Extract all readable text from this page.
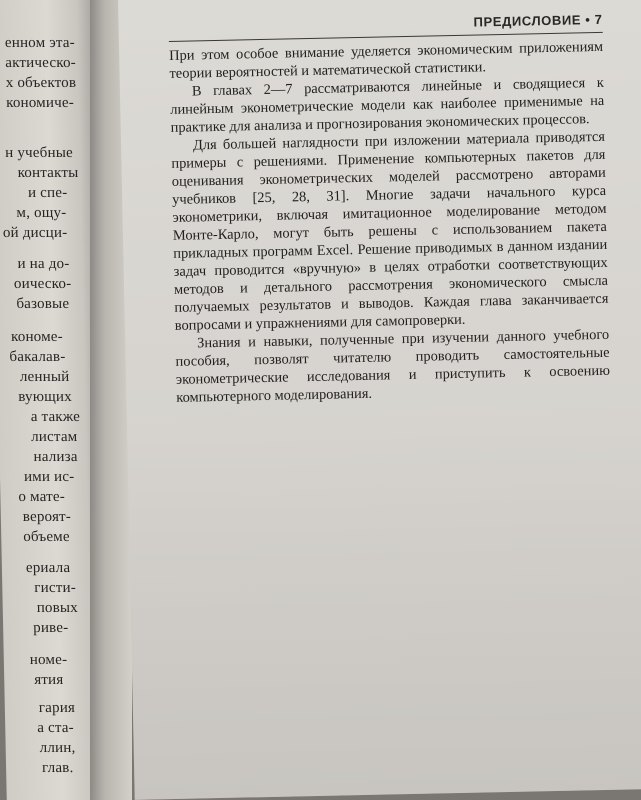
енном эта-
актическо-
х объектов
кономиче-
н учебные
контакты
и спе-
м, ощу-
ой дисци-
и на до-
оическо-
базовые
кономе-
бакалав-
ленный
вующих
а также
листам
нализа
ими ис-
о мате-
вероят-
объеме
ериала
гисти-
повых
риве-
номе-
ятия
гария
а ста-
ллин,
глав.
ПРЕДИСЛОВИЕ • 7

При этом особое внимание уделяется экономическим приложениям теории вероятностей и математической статистики.

В главах 2—7 рассматриваются линейные и сводящиеся к линейным эконометрические модели как наиболее применимые на практике для анализа и прогнозирования экономических процессов.

Для большей наглядности при изложении материала приводятся примеры с решениями. Применение компьютерных пакетов для оценивания эконометрических моделей рассмотрено авторами учебников [25, 28, 31]. Многие задачи начального курса эконометрики, включая имитационное моделирование методом Монте-Карло, могут быть решены с использованием пакета прикладных программ Excel. Решение приводимых в данном издании задач проводится «вручную» в целях отработки соответствующих методов и детального рассмотрения экономического смысла получаемых результатов и выводов. Каждая глава заканчивается вопросами и упражнениями для самопроверки.

Знания и навыки, полученные при изучении данного учебного пособия, позволят читателю проводить самостоятельные эконометрические исследования и приступить к освоению компьютерного моделирования.
